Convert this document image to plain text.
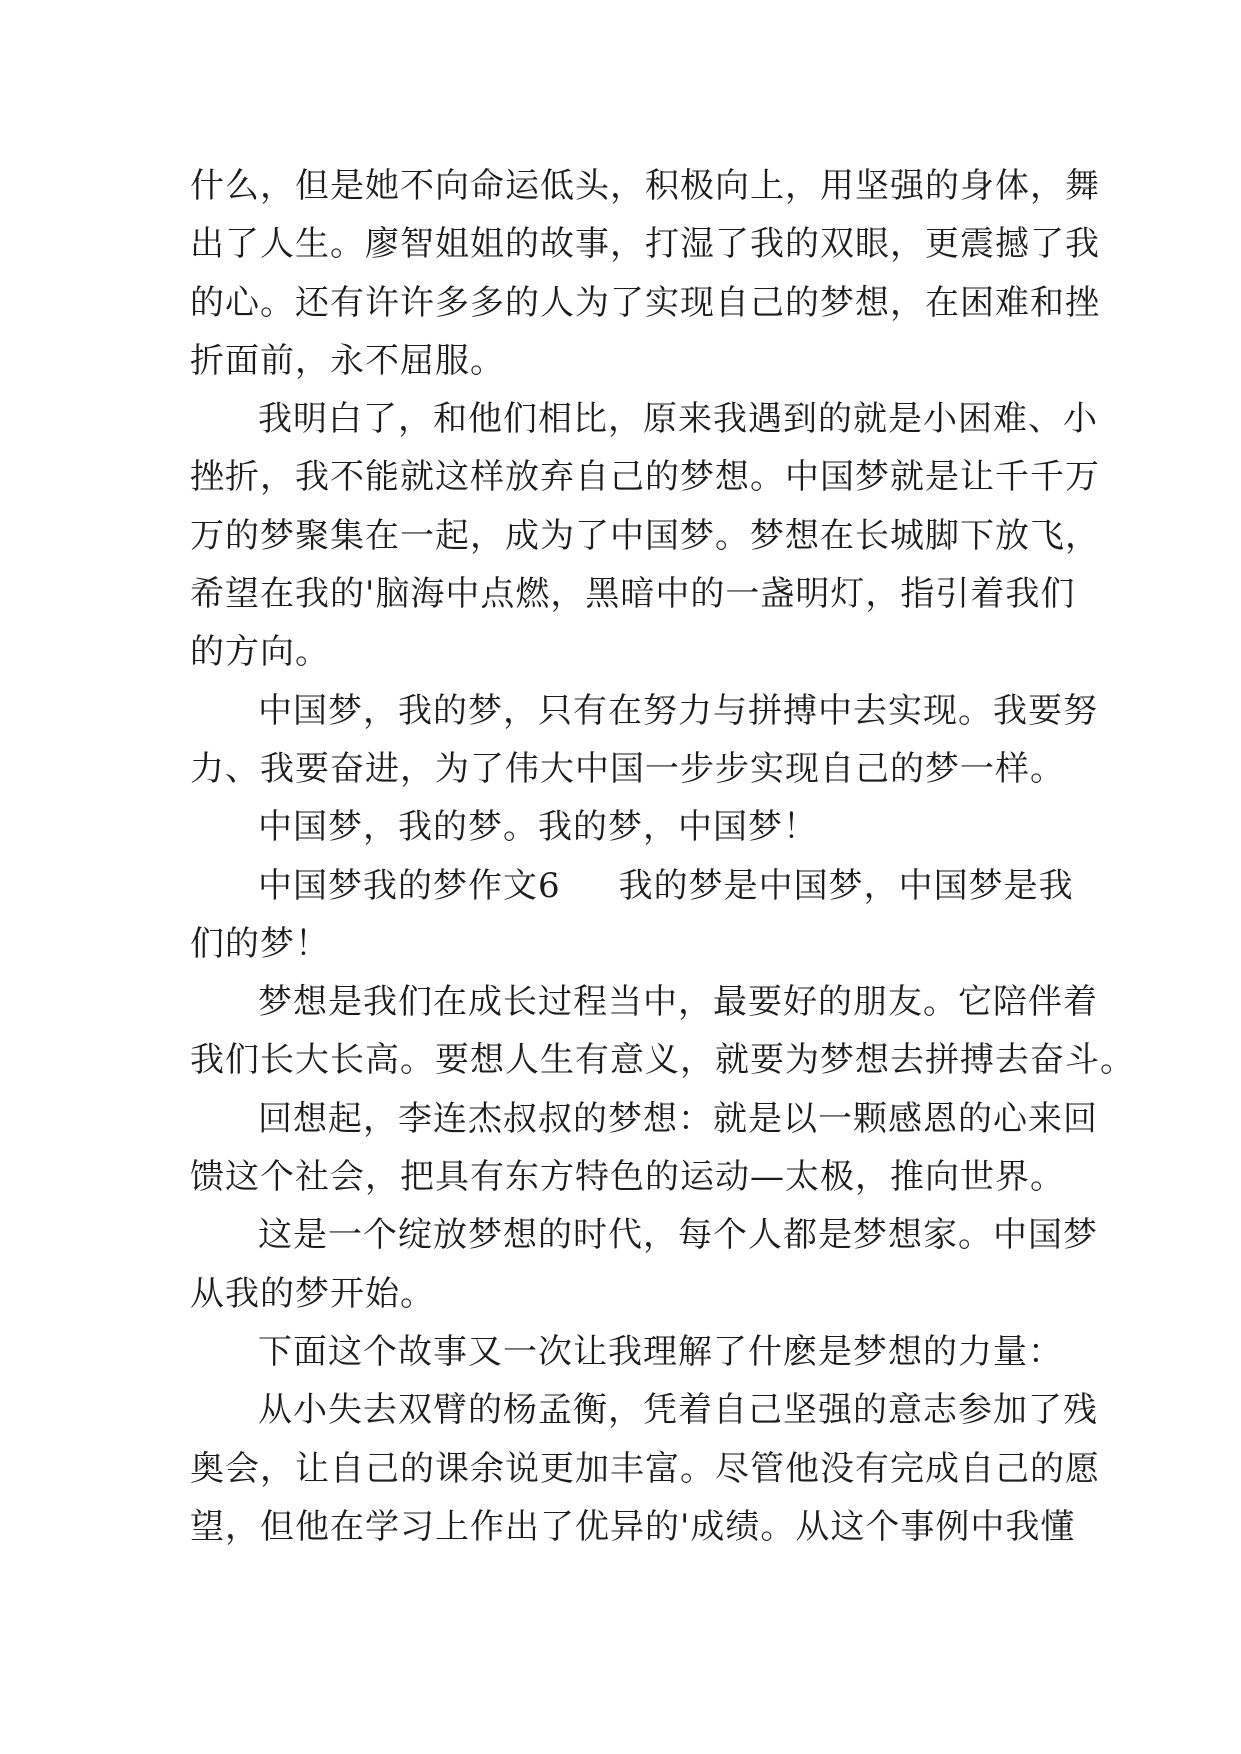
什么，但是她不向命运低头，积极向上，用坚强的身体，舞
出了人生。廖智姐姐的故事，打湿了我的双眼，更震撼了我
的心。还有许许多多的人为了实现自己的梦想，在困难和挫
折面前，永不屈服。
我明白了，和他们相比，原来我遇到的就是小困难、小
挫折，我不能就这样放弃自己的梦想。中国梦就是让千千万
万的梦聚集在一起，成为了中国梦。梦想在长城脚下放飞，
希望在我的'脑海中点燃，黑暗中的一盏明灯，指引着我们
的方向。
中国梦，我的梦，只有在努力与拼搏中去实现。我要努
力、我要奋进，为了伟大中国一步步实现自己的梦一样。
中国梦，我的梦。我的梦，中国梦！
中国梦我的梦作文6 我的梦是中国梦，中国梦是我
们的梦！
梦想是我们在成长过程当中，最要好的朋友。它陪伴着
我们长大长高。要想人生有意义，就要为梦想去拼搏去奋斗。
回想起，李连杰叔叔的梦想：就是以一颗感恩的心来回
馈这个社会，把具有东方特色的运动—太极，推向世界。
这是一个绽放梦想的时代，每个人都是梦想家。中国梦
从我的梦开始。
下面这个故事又一次让我理解了什麽是梦想的力量：
从小失去双臂的杨孟衡，凭着自己坚强的意志参加了残
奥会，让自己的课余说更加丰富。尽管他没有完成自己的愿
望，但他在学习上作出了优异的'成绩。从这个事例中我懂
